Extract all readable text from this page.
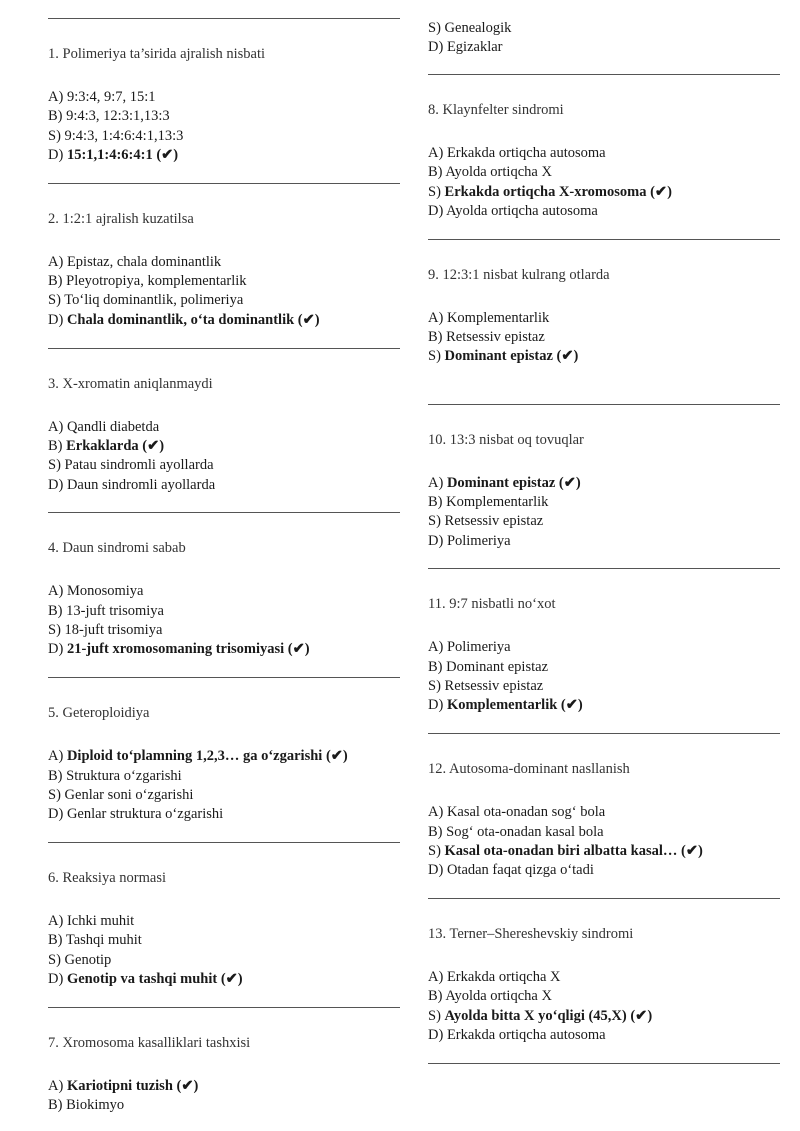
1. Polimeriya ta’sirida ajralish nisbati
A) 9:3:4, 9:7, 15:1
B) 9:4:3, 12:3:1,13:3
S) 9:4:3, 1:4:6:4:1,13:3
D) 15:1,1:4:6:4:1 (✔)
2. 1:2:1 ajralish kuzatilsa
A) Epistaz, chala dominantlik
B) Pleyotropiya, komplementarlik
S) To‘liq dominantlik, polimeriya
D) Chala dominantlik, o‘ta dominantlik (✔)
3. X-xromatin aniqlanmaydi
A) Qandli diabetda
B) Erkaklarda (✔)
S) Patau sindromli ayollarda
D) Daun sindromli ayollarda
4. Daun sindromi sabab
A) Monosomiya
B) 13-juft trisomiya
S) 18-juft trisomiya
D) 21-juft xromosomaning trisomiyasi (✔)
5. Geteroploidiya
A) Diploid to‘plamning 1,2,3… ga o‘zgarishi (✔)
B) Struktura o‘zgarishi
S) Genlar soni o‘zgarishi
D) Genlar struktura o‘zgarishi
6. Reaksiya normasi
A) Ichki muhit
B) Tashqi muhit
S) Genotip
D) Genotip va tashqi muhit (✔)
7. Xromosoma kasalliklari tashxisi
A) Kariotipni tuzish (✔)
B) Biokimyo
S) Genealogik
D) Egizaklar
8. Klaynfelter sindromi
A) Erkakda ortiqcha autosoma
B) Ayolda ortiqcha X
S) Erkakda ortiqcha X-xromosoma (✔)
D) Ayolda ortiqcha autosoma
9. 12:3:1 nisbat kulrang otlarda
A) Komplementarlik
B) Retsessiv epistaz
S) Dominant epistaz (✔)
10. 13:3 nisbat oq tovuqlar
A) Dominant epistaz (✔)
B) Komplementarlik
S) Retsessiv epistaz
D) Polimeriya
11. 9:7 nisbatli no‘xot
A) Polimeriya
B) Dominant epistaz
S) Retsessiv epistaz
D) Komplementarlik (✔)
12. Autosoma-dominant nasllanish
A) Kasal ota-onadan sog‘ bola
B) Sog‘ ota-onadan kasal bola
S) Kasal ota-onadan biri albatta kasal… (✔)
D) Otadan faqat qizga o‘tadi
13. Terner–Shereshevskiy sindromi
A) Erkakda ortiqcha X
B) Ayolda ortiqcha X
S) Ayolda bitta X yo‘qligi (45,X) (✔)
D) Erkakda ortiqcha autosoma
